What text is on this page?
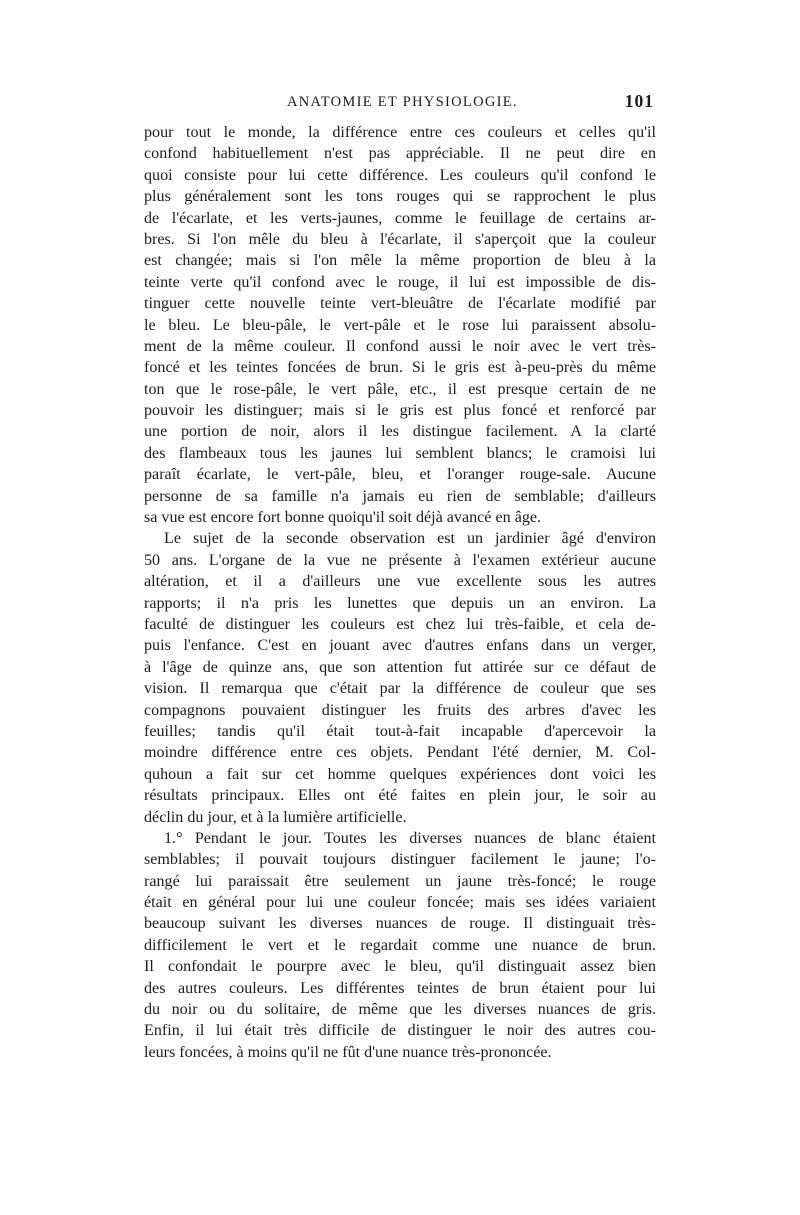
ANATOMIE ET PHYSIOLOGIE.	101
pour tout le monde, la différence entre ces couleurs et celles qu'il
confond habituellement n'est pas appréciable. Il ne peut dire en
quoi consiste pour lui cette différence. Les couleurs qu'il confond le
plus généralement sont les tons rouges qui se rapprochent le plus
de l'écarlate, et les verts-jaunes, comme le feuillage de certains ar-
bres. Si l'on mêle du bleu à l'écarlate, il s'aperçoit que la couleur
est changée; mais si l'on mêle la même proportion de bleu à la
teinte verte qu'il confond avec le rouge, il lui est impossible de dis-
tinguer cette nouvelle teinte vert-bleuâtre de l'écarlate modifié par
le bleu. Le bleu-pâle, le vert-pâle et le rose lui paraissent absolu-
ment de la même couleur. Il confond aussi le noir avec le vert très-
foncé et les teintes foncées de brun. Si le gris est à-peu-près du même
ton que le rose-pâle, le vert pâle, etc., il est presque certain de ne
pouvoir les distinguer; mais si le gris est plus foncé et renforcé par
une portion de noir, alors il les distingue facilement. A la clarté
des flambeaux tous les jaunes lui semblent blancs; le cramoisi lui
paraît écarlate, le vert-pâle, bleu, et l'oranger rouge-sale. Aucune
personne de sa famille n'a jamais eu rien de semblable; d'ailleurs
sa vue est encore fort bonne quoiqu'il soit déjà avancé en âge.
Le sujet de la seconde observation est un jardinier âgé d'environ
50 ans. L'organe de la vue ne présente à l'examen extérieur aucune
altération, et il a d'ailleurs une vue excellente sous les autres
rapports; il n'a pris les lunettes que depuis un an environ. La
faculté de distinguer les couleurs est chez lui très-faible, et cela de-
puis l'enfance. C'est en jouant avec d'autres enfans dans un verger,
à l'âge de quinze ans, que son attention fut attirée sur ce défaut de
vision. Il remarqua que c'était par la différence de couleur que ses
compagnons pouvaient distinguer les fruits des arbres d'avec les
feuilles; tandis qu'il était tout-à-fait incapable d'apercevoir la
moindre différence entre ces objets. Pendant l'été dernier, M. Col-
quhoun a fait sur cet homme quelques expériences dont voici les
résultats principaux. Elles ont été faites en plein jour, le soir au
déclin du jour, et à la lumière artificielle.
1.° Pendant le jour. Toutes les diverses nuances de blanc étaient
semblables; il pouvait toujours distinguer facilement le jaune; l'o-
rangé lui paraissait être seulement un jaune très-foncé; le rouge
était en général pour lui une couleur foncée; mais ses idées variaient
beaucoup suivant les diverses nuances de rouge. Il distinguait très-
difficilement le vert et le regardait comme une nuance de brun.
Il confondait le pourpre avec le bleu, qu'il distinguait assez bien
des autres couleurs. Les différentes teintes de brun étaient pour lui
du noir ou du solitaire, de même que les diverses nuances de gris.
Enfin, il lui était très difficile de distinguer le noir des autres cou-
leurs foncées, à moins qu'il ne fût d'une nuance très-prononcée.
